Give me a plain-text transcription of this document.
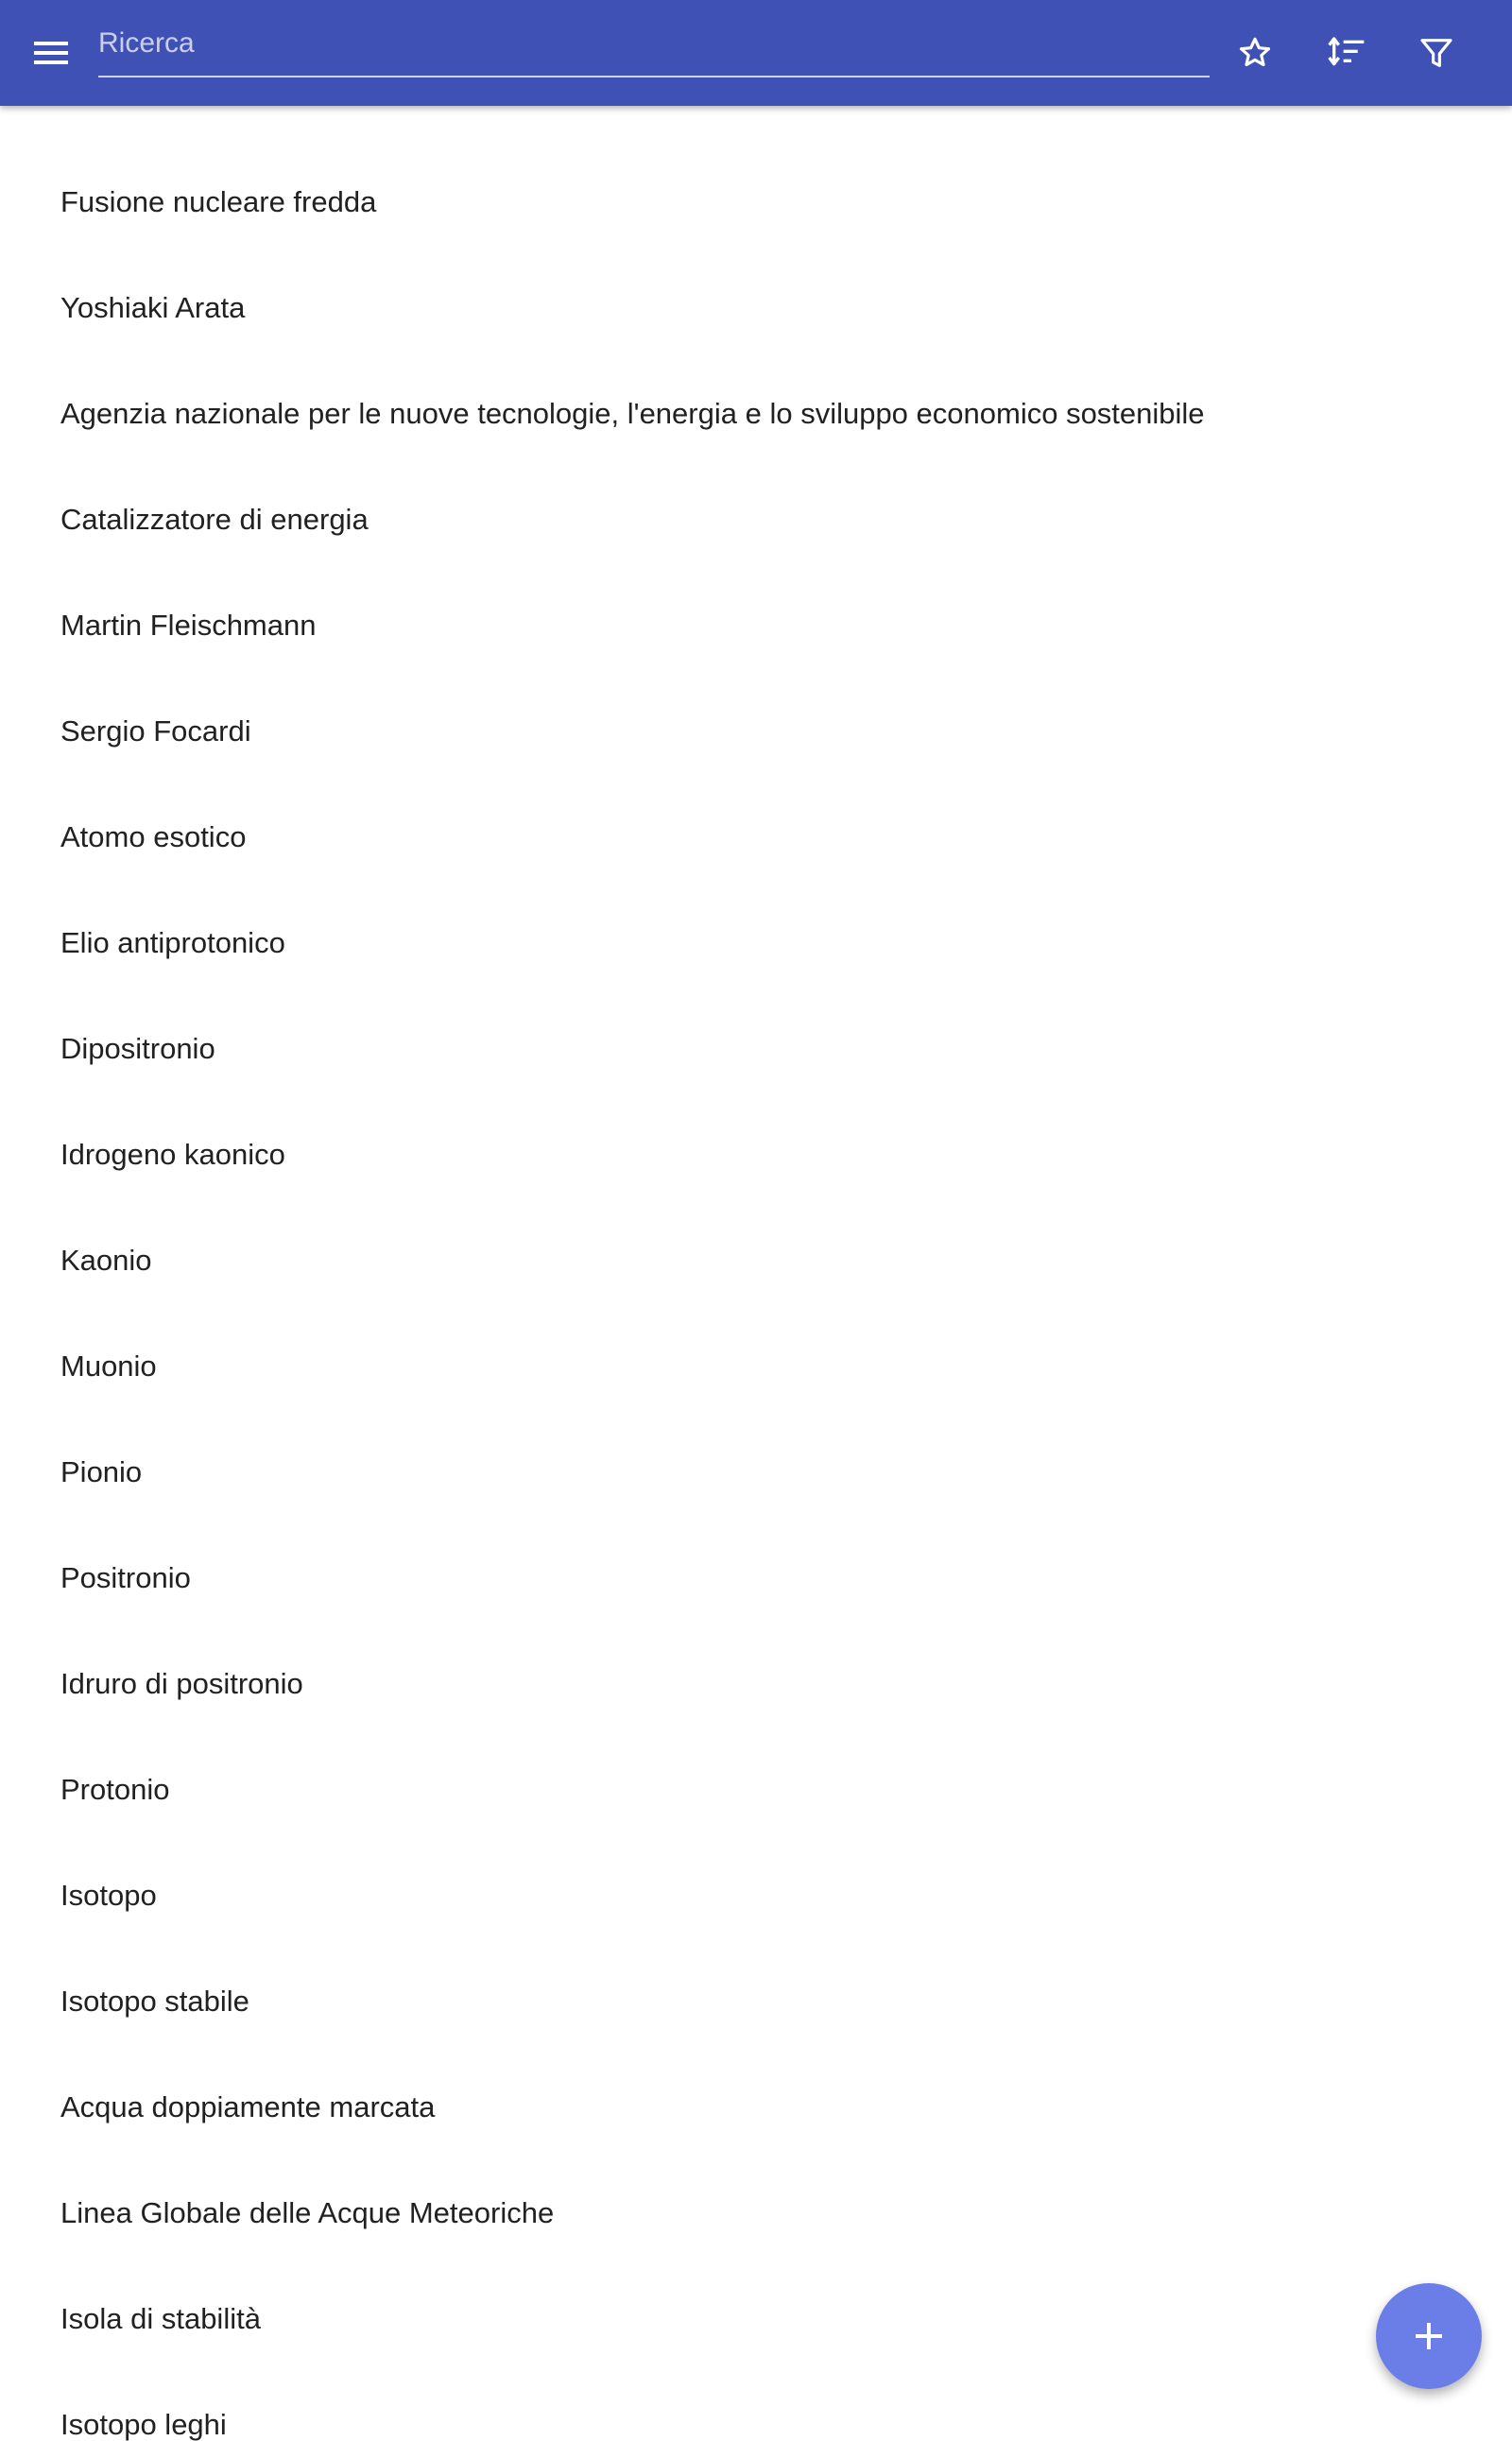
Ricerca
Fusione nucleare fredda
Yoshiaki Arata
Agenzia nazionale per le nuove tecnologie, l'energia e lo sviluppo economico sostenibile
Catalizzatore di energia
Martin Fleischmann
Sergio Focardi
Atomo esotico
Elio antiprotonico
Dipositronio
Idrogeno kaonico
Kaonio
Muonio
Pionio
Positronio
Idruro di positronio
Protonio
Isotopo
Isotopo stabile
Acqua doppiamente marcata
Linea Globale delle Acque Meteoriche
Isola di stabilità
Isotopo leghi
